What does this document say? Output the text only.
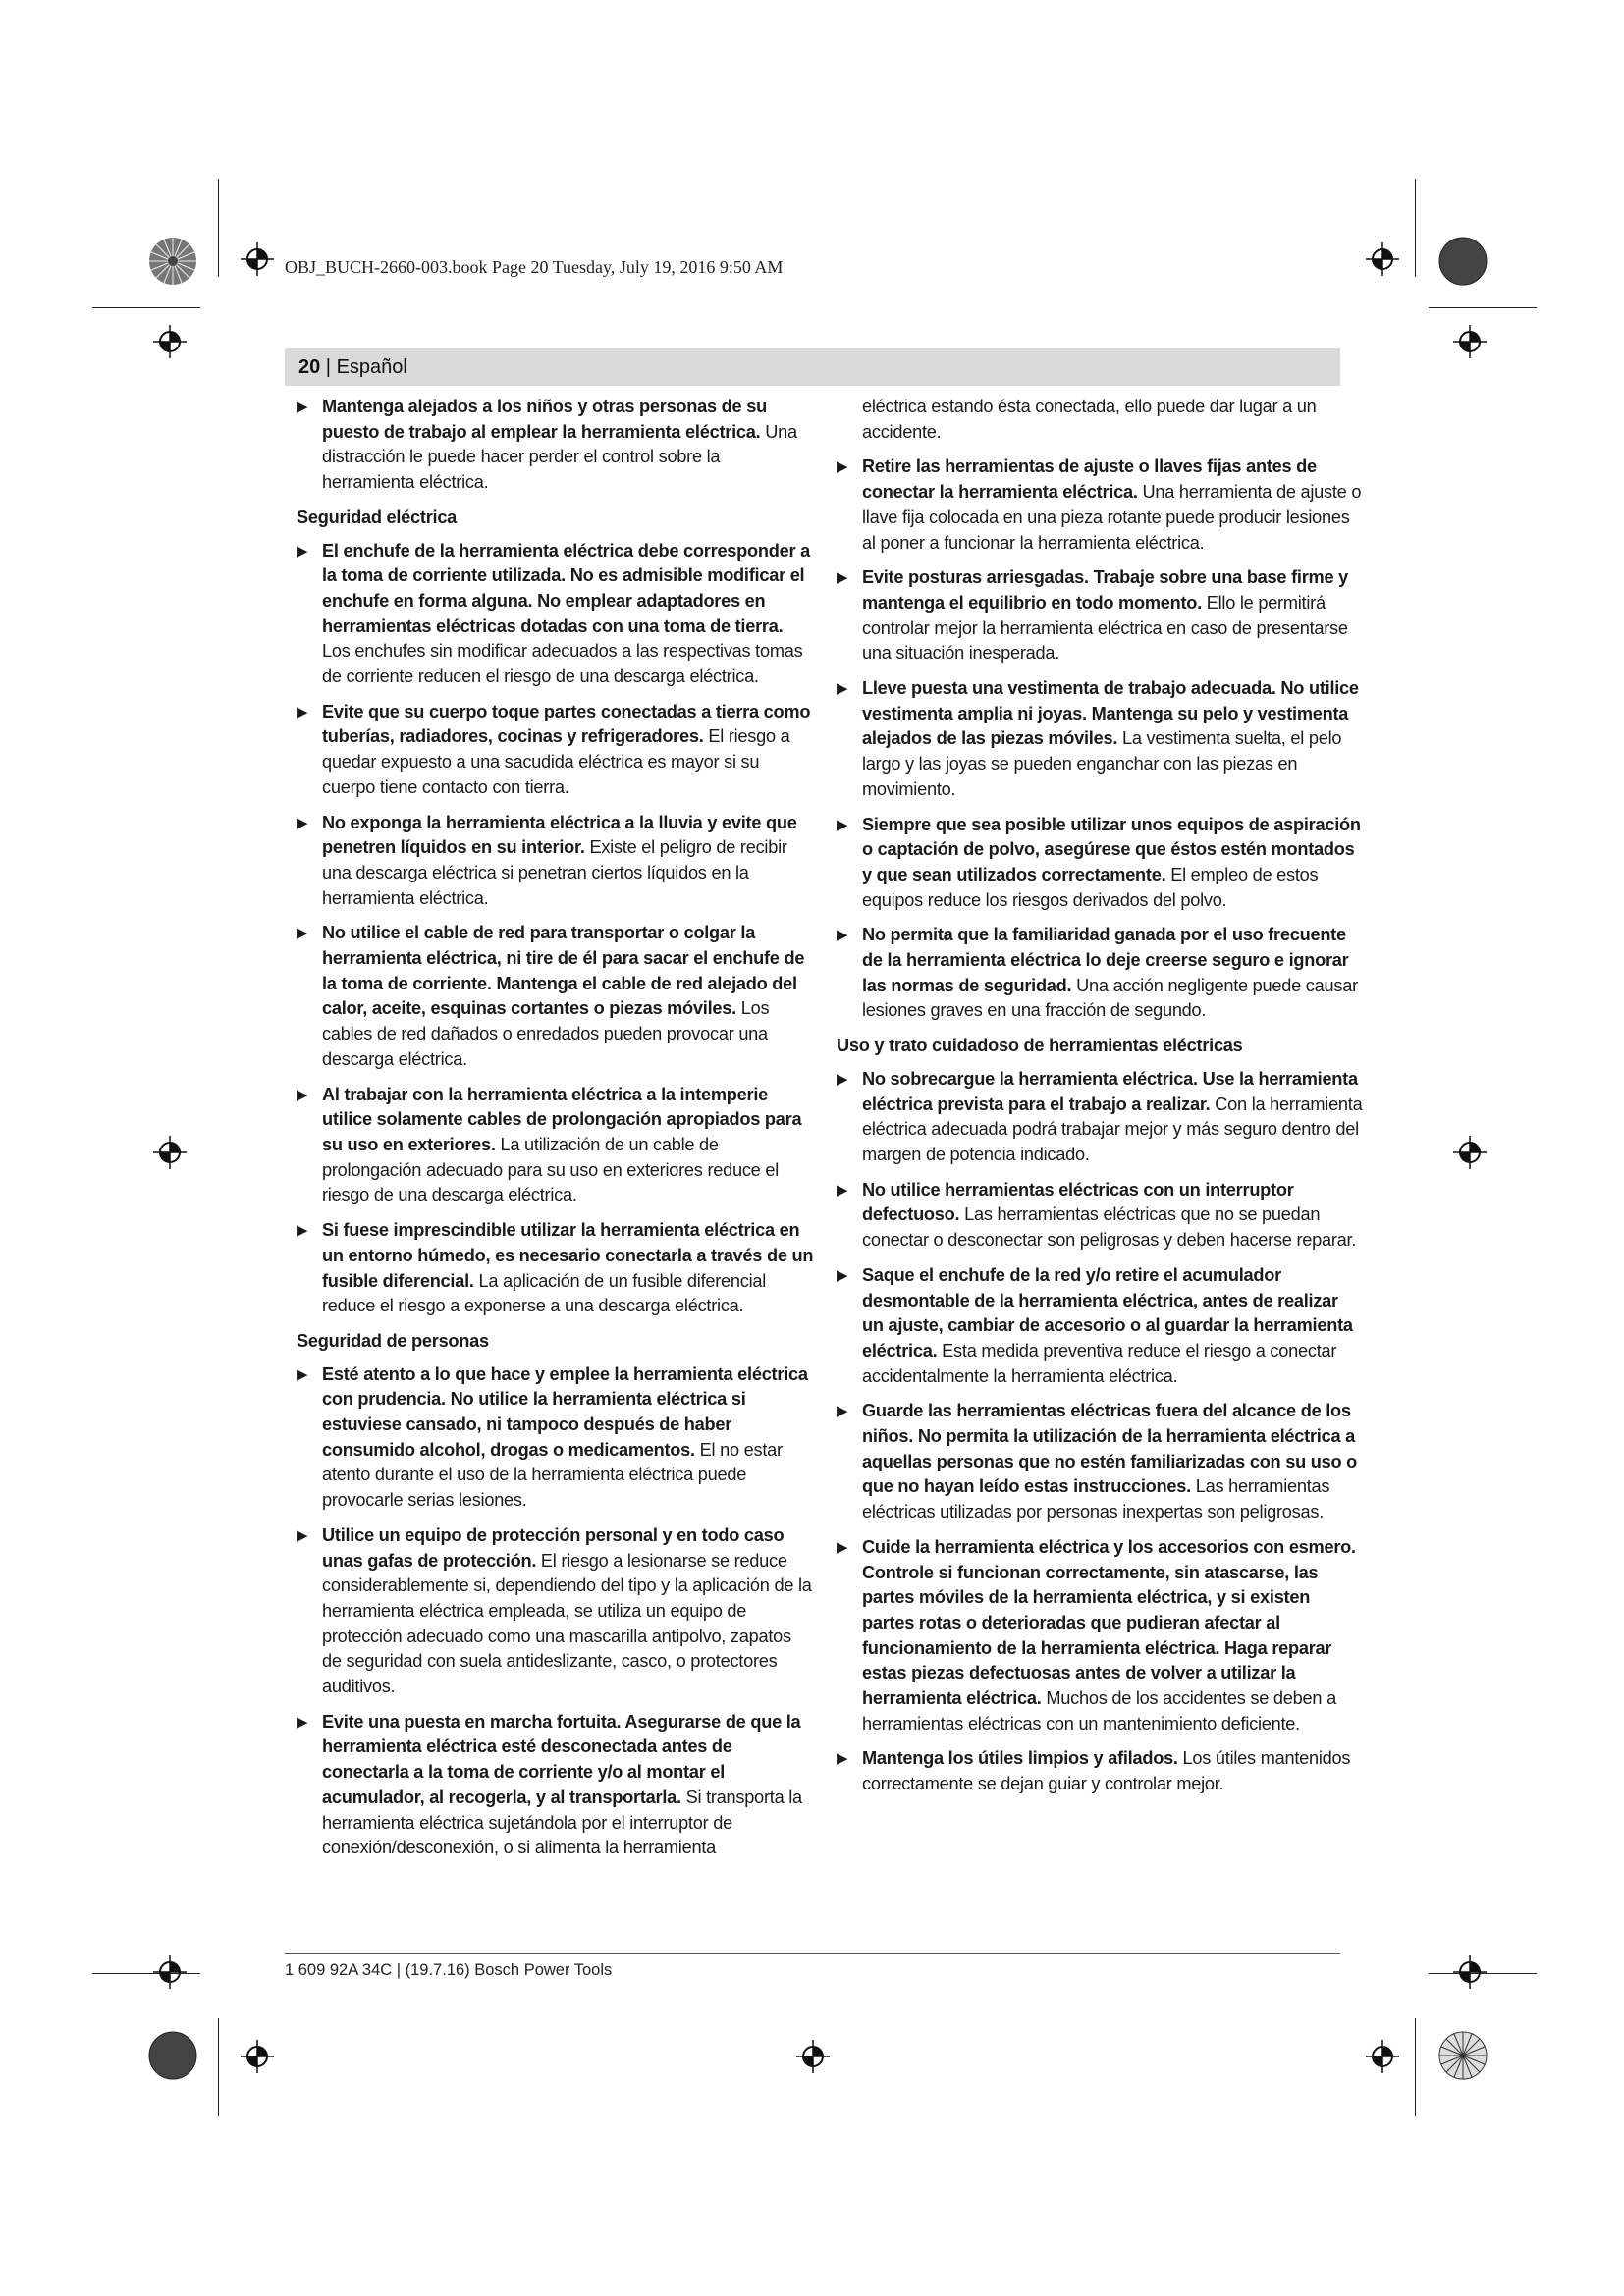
OBJ_BUCH-2660-003.book Page 20 Tuesday, July 19, 2016 9:50 AM
20 | Español
▶ Mantenga alejados a los niños y otras personas de su puesto de trabajo al emplear la herramienta eléctrica. Una distracción le puede hacer perder el control sobre la herramienta eléctrica.
Seguridad eléctrica
▶ El enchufe de la herramienta eléctrica debe corresponder a la toma de corriente utilizada. No es admisible modificar el enchufe en forma alguna. No emplear adaptadores en herramientas eléctricas dotadas con una toma de tierra. Los enchufes sin modificar adecuados a las respectivas tomas de corriente reducen el riesgo de una descarga eléctrica.
▶ Evite que su cuerpo toque partes conectadas a tierra como tuberías, radiadores, cocinas y refrigeradores. El riesgo a quedar expuesto a una sacudida eléctrica es mayor si su cuerpo tiene contacto con tierra.
▶ No exponga la herramienta eléctrica a la lluvia y evite que penetren líquidos en su interior. Existe el peligro de recibir una descarga eléctrica si penetran ciertos líquidos en la herramienta eléctrica.
▶ No utilice el cable de red para transportar o colgar la herramienta eléctrica, ni tire de él para sacar el enchufe de la toma de corriente. Mantenga el cable de red alejado del calor, aceite, esquinas cortantes o piezas móviles. Los cables de red dañados o enredados pueden provocar una descarga eléctrica.
▶ Al trabajar con la herramienta eléctrica a la intemperie utilice solamente cables de prolongación apropiados para su uso en exteriores. La utilización de un cable de prolongación adecuado para su uso en exteriores reduce el riesgo de una descarga eléctrica.
▶ Si fuese imprescindible utilizar la herramienta eléctrica en un entorno húmedo, es necesario conectarla a través de un fusible diferencial. La aplicación de un fusible diferencial reduce el riesgo a exponerse a una descarga eléctrica.
Seguridad de personas
▶ Esté atento a lo que hace y emplee la herramienta eléctrica con prudencia. No utilice la herramienta eléctrica si estuviese cansado, ni tampoco después de haber consumido alcohol, drogas o medicamentos. El no estar atento durante el uso de la herramienta eléctrica puede provocarle serias lesiones.
▶ Utilice un equipo de protección personal y en todo caso unas gafas de protección. El riesgo a lesionarse se reduce considerablemente si, dependiendo del tipo y la aplicación de la herramienta eléctrica empleada, se utiliza un equipo de protección adecuado como una mascarilla antipolvo, zapatos de seguridad con suela antideslizante, casco, o protectores auditivos.
▶ Evite una puesta en marcha fortuita. Asegurarse de que la herramienta eléctrica esté desconectada antes de conectarla a la toma de corriente y/o al montar el acumulador, al recogerla, y al transportarla. Si transporta la herramienta eléctrica sujetándola por el interruptor de conexión/desconexión, o si alimenta la herramienta
eléctrica estando ésta conectada, ello puede dar lugar a un accidente.
▶ Retire las herramientas de ajuste o llaves fijas antes de conectar la herramienta eléctrica. Una herramienta de ajuste o llave fija colocada en una pieza rotante puede producir lesiones al poner a funcionar la herramienta eléctrica.
▶ Evite posturas arriesgadas. Trabaje sobre una base firme y mantenga el equilibrio en todo momento. Ello le permitirá controlar mejor la herramienta eléctrica en caso de presentarse una situación inesperada.
▶ Lleve puesta una vestimenta de trabajo adecuada. No utilice vestimenta amplia ni joyas. Mantenga su pelo y vestimenta alejados de las piezas móviles. La vestimenta suelta, el pelo largo y las joyas se pueden enganchar con las piezas en movimiento.
▶ Siempre que sea posible utilizar unos equipos de aspiración o captación de polvo, asegúrese que éstos estén montados y que sean utilizados correctamente. El empleo de estos equipos reduce los riesgos derivados del polvo.
▶ No permita que la familiaridad ganada por el uso frecuente de la herramienta eléctrica lo deje creerse seguro e ignorar las normas de seguridad. Una acción negligente puede causar lesiones graves en una fracción de segundo.
Uso y trato cuidadoso de herramientas eléctricas
▶ No sobrecargue la herramienta eléctrica. Use la herramienta eléctrica prevista para el trabajo a realizar. Con la herramienta eléctrica adecuada podrá trabajar mejor y más seguro dentro del margen de potencia indicado.
▶ No utilice herramientas eléctricas con un interruptor defectuoso. Las herramientas eléctricas que no se puedan conectar o desconectar son peligrosas y deben hacerse reparar.
▶ Saque el enchufe de la red y/o retire el acumulador desmontable de la herramienta eléctrica, antes de realizar un ajuste, cambiar de accesorio o al guardar la herramienta eléctrica. Esta medida preventiva reduce el riesgo a conectar accidentalmente la herramienta eléctrica.
▶ Guarde las herramientas eléctricas fuera del alcance de los niños. No permita la utilización de la herramienta eléctrica a aquellas personas que no estén familiarizadas con su uso o que no hayan leído estas instrucciones. Las herramientas eléctricas utilizadas por personas inexpertas son peligrosas.
▶ Cuide la herramienta eléctrica y los accesorios con esmero. Controle si funcionan correctamente, sin atascarse, las partes móviles de la herramienta eléctrica, y si existen partes rotas o deterioradas que pudieran afectar al funcionamiento de la herramienta eléctrica. Haga reparar estas piezas defectuosas antes de volver a utilizar la herramienta eléctrica. Muchos de los accidentes se deben a herramientas eléctricas con un mantenimiento deficiente.
▶ Mantenga los útiles limpios y afilados. Los útiles mantenidos correctamente se dejan guiar y controlar mejor.
1 609 92A 34C | (19.7.16) Bosch Power Tools
